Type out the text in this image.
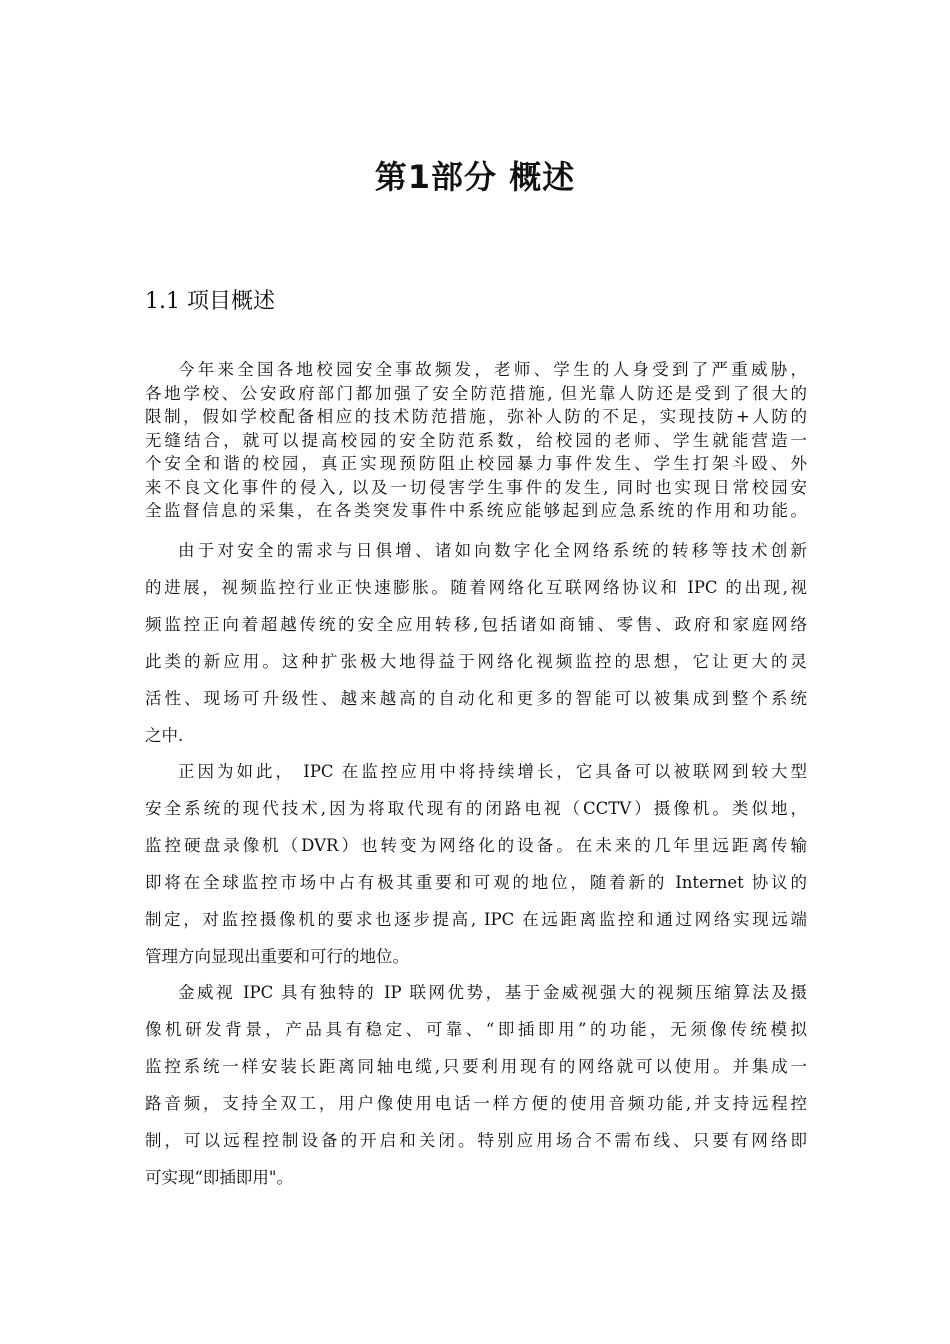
第1部分 概述
1.1 项目概述
今年来全国各地校园安全事故频发，老师、学生的人身受到了严重威胁，
各地学校、公安政府部门都加强了安全防范措施, 但光靠人防还是受到了很大的
限制，假如学校配备相应的技术防范措施，弥补人防的不足，实现技防+人防的
无缝结合，就可以提高校园的安全防范系数，给校园的老师、学生就能营造一
个安全和谐的校园，真正实现预防阻止校园暴力事件发生、学生打架斗殴、外
来不良文化事件的侵入, 以及一切侵害学生事件的发生, 同时也实现日常校园安
全监督信息的采集，在各类突发事件中系统应能够起到应急系统的作用和功能。
由于对安全的需求与日俱增、诸如向数字化全网络系统的转移等技术创新
的进展，视频监控行业正快速膨胀。随着网络化互联网络协议和 IPC 的出现,视
频监控正向着超越传统的安全应用转移,包括诸如商铺、零售、政府和家庭网络
此类的新应用。这种扩张极大地得益于网络化视频监控的思想，它让更大的灵
活性、现场可升级性、越来越高的自动化和更多的智能可以被集成到整个系统
之中.
正因为如此， IPC 在监控应用中将持续增长，它具备可以被联网到较大型
安全系统的现代技术,因为将取代现有的闭路电视（CCTV）摄像机。类似地，
监控硬盘录像机（DVR）也转变为网络化的设备。在未来的几年里远距离传输
即将在全球监控市场中占有极其重要和可观的地位，随着新的 Internet 协议的
制定，对监控摄像机的要求也逐步提高, IPC 在远距离监控和通过网络实现远端
管理方向显现出重要和可行的地位。
金威视 IPC 具有独特的 IP 联网优势，基于金威视强大的视频压缩算法及摄
像机研发背景，产品具有稳定、可靠、“即插即用”的功能，无须像传统模拟
监控系统一样安装长距离同轴电缆,只要利用现有的网络就可以使用。并集成一
路音频，支持全双工，用户像使用电话一样方便的使用音频功能,并支持远程控
制，可以远程控制设备的开启和关闭。特别应用场合不需布线、只要有网络即
可实现“即插即用"。
